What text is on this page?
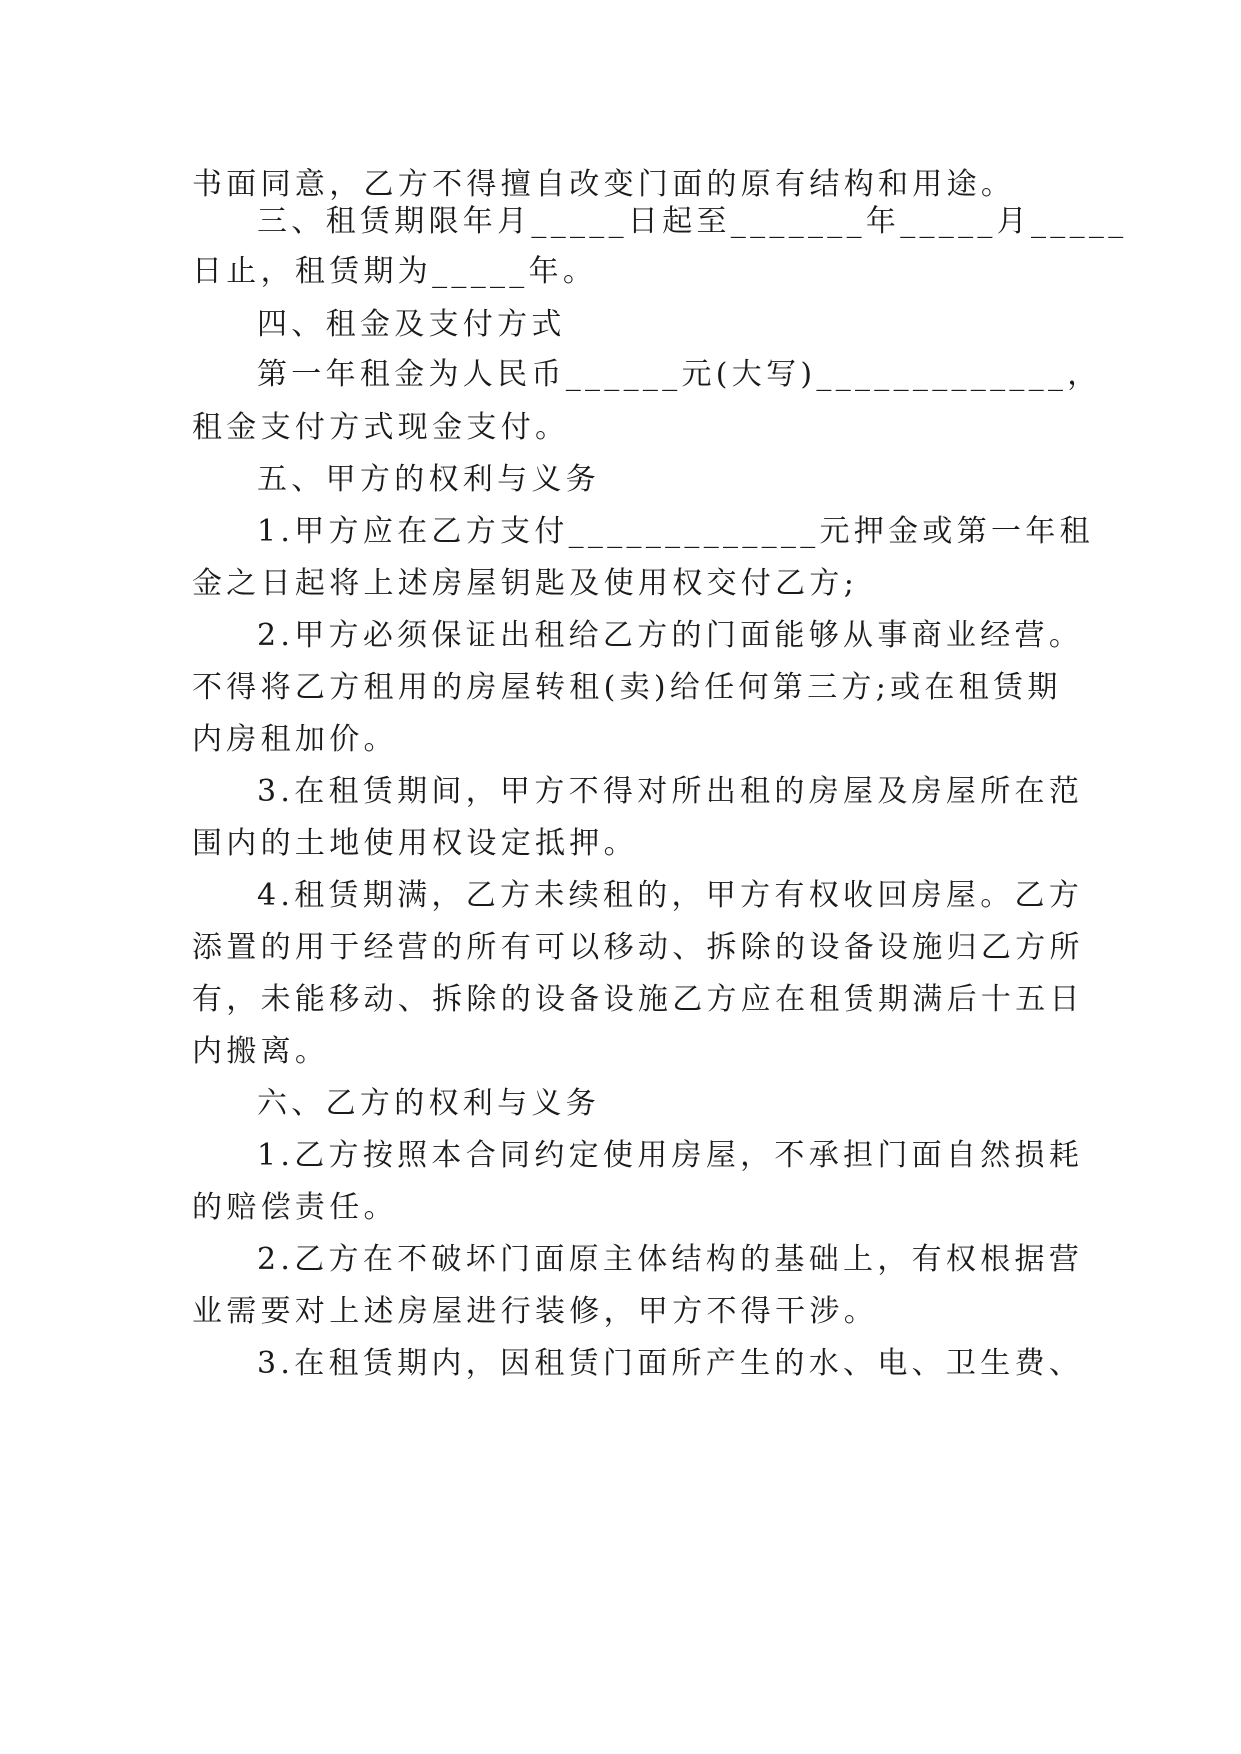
书面同意，乙方不得擅自改变门面的原有结构和用途。
三、租赁期限年月_____日起至_______年_____月_____
日止，租赁期为_____年。
四、租金及支付方式
第一年租金为人民币______元(大写)_____________，
租金支付方式现金支付。
五、甲方的权利与义务
1.甲方应在乙方支付_____________元押金或第一年租
金之日起将上述房屋钥匙及使用权交付乙方;
2.甲方必须保证出租给乙方的门面能够从事商业经营。
不得将乙方租用的房屋转租(卖)给任何第三方;或在租赁期
内房租加价。
3.在租赁期间，甲方不得对所出租的房屋及房屋所在范
围内的土地使用权设定抵押。
4.租赁期满，乙方未续租的，甲方有权收回房屋。乙方
添置的用于经营的所有可以移动、拆除的设备设施归乙方所
有，未能移动、拆除的设备设施乙方应在租赁期满后十五日
内搬离。
六、乙方的权利与义务
1.乙方按照本合同约定使用房屋，不承担门面自然损耗
的赔偿责任。
2.乙方在不破坏门面原主体结构的基础上，有权根据营
业需要对上述房屋进行装修，甲方不得干涉。
3.在租赁期内，因租赁门面所产生的水、电、卫生费、
